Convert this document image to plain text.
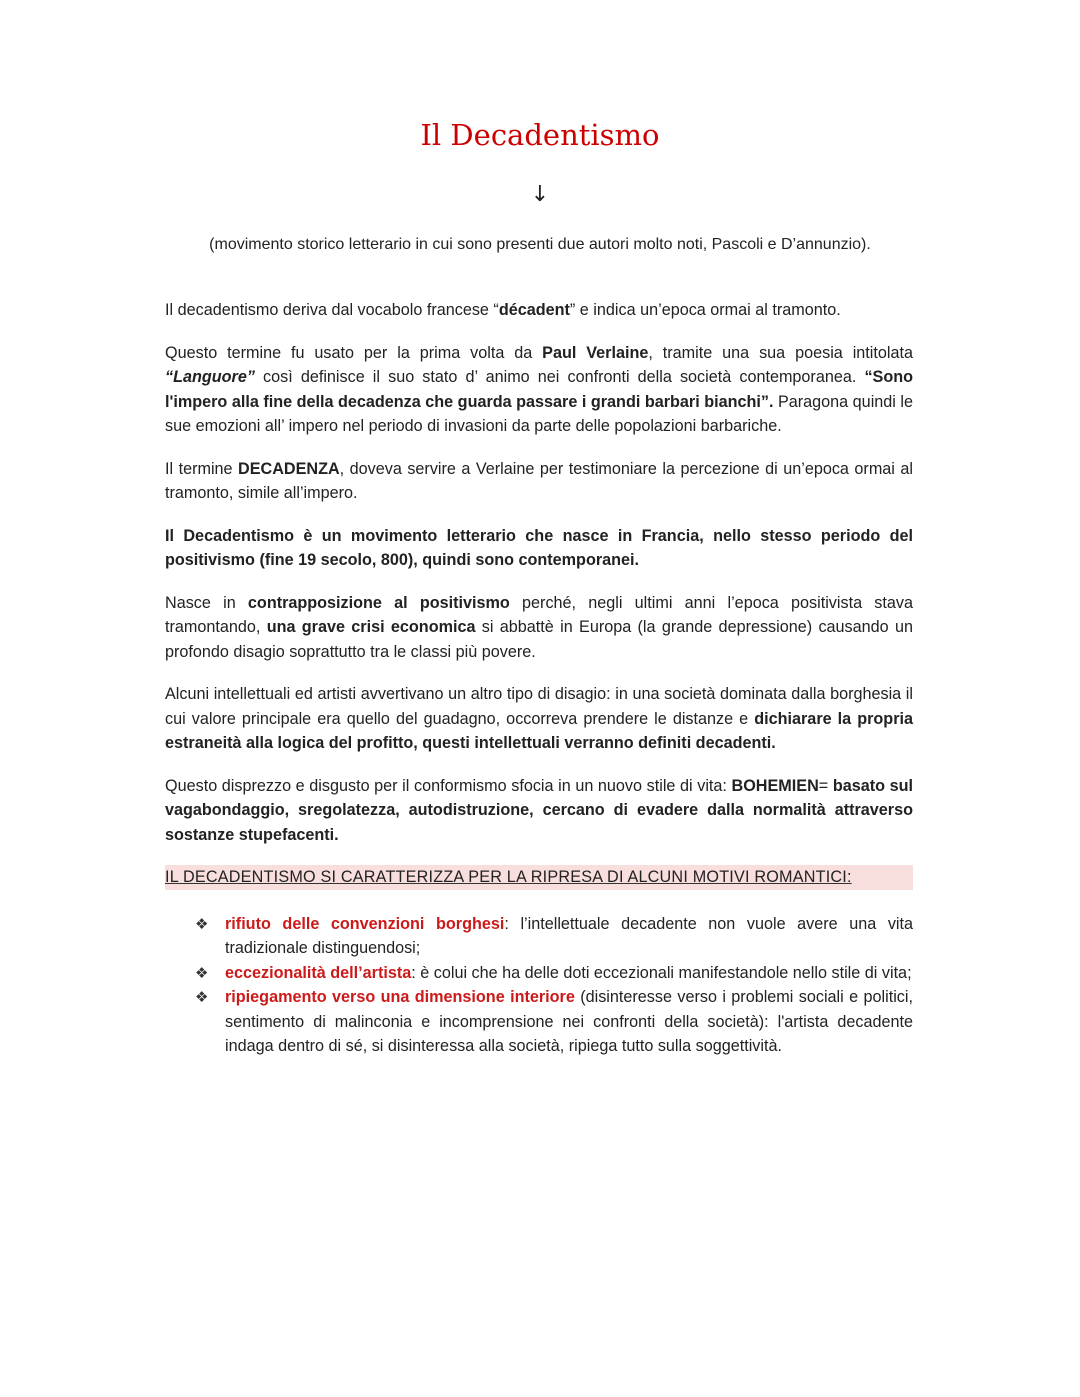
Il Decadentismo
↓

(movimento storico letterario in cui sono presenti due autori molto noti, Pascoli e D’annunzio).

Il decadentismo deriva dal vocabolo francese “décadent” e indica un’epoca ormai al tramonto.

Questo termine fu usato per la prima volta da Paul Verlaine, tramite una sua poesia intitolata “Languore” così definisce il suo stato d’ animo nei confronti della società contemporanea. “Sono l'impero alla fine della decadenza che guarda passare i grandi barbari bianchi”. Paragona quindi le sue emozioni all’ impero nel periodo di invasioni da parte delle popolazioni barbariche.

Il termine DECADENZA, doveva servire a Verlaine per testimoniare la percezione di un’epoca ormai al tramonto, simile all’impero.

Il Decadentismo è un movimento letterario che nasce in Francia, nello stesso periodo del positivismo (fine 19 secolo, 800), quindi sono contemporanei.

Nasce in contrapposizione al positivismo perché, negli ultimi anni l’epoca positivista stava tramontando, una grave crisi economica si abbattè in Europa (la grande depressione) causando un profondo disagio soprattutto tra le classi più povere.

Alcuni intellettuali ed artisti avvertivano un altro tipo di disagio: in una società dominata dalla borghesia il cui valore principale era quello del guadagno, occorreva prendere le distanze e dichiarare la propria estraneità alla logica del profitto, questi intellettuali verranno definiti decadenti.

Questo disprezzo e disgusto per il conformismo sfocia in un nuovo stile di vita: BOHEMIEN= basato sul vagabondaggio, sregolatezza, autodistruzione, cercano di evadere dalla normalità attraverso sostanze stupefacenti.

IL DECADENTISMO SI CARATTERIZZA PER LA RIPRESA DI ALCUNI MOTIVI ROMANTICI:

❖ rifiuto delle convenzioni borghesi: l’intellettuale decadente non vuole avere una vita tradizionale distinguendosi;
❖ eccezionalità dell’artista: è colui che ha delle doti eccezionali manifestandole nello stile di vita;
❖ ripiegamento verso una dimensione interiore (disinteresse verso i problemi sociali e politici, sentimento di malinconia e incomprensione nei confronti della società): l'artista decadente indaga dentro di sé, si disinteressa alla società, ripiega tutto sulla soggettività.
